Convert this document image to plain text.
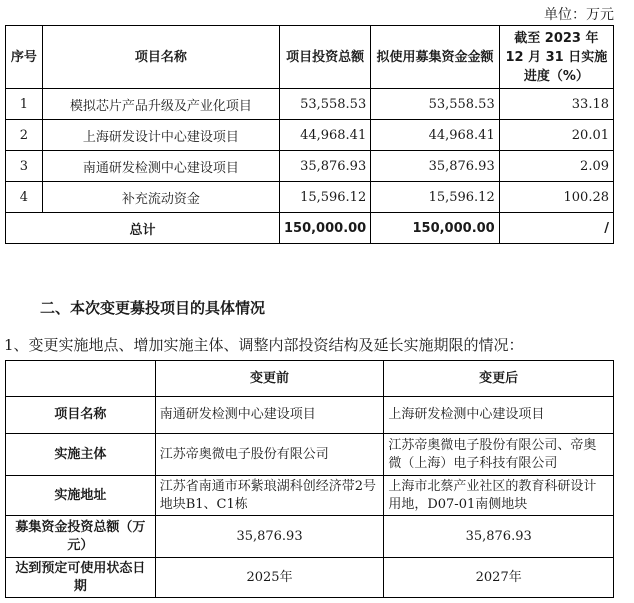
单位：万元
序号	项目名称	项目投资总额	拟使用募集资金金额	截至 2023 年 12 月 31 日实施进度（%）
1	模拟芯片产品升级及产业化项目	53,558.53	53,558.53	33.18
2	上海研发设计中心建设项目	44,968.41	44,968.41	20.01
3	南通研发检测中心建设项目	35,876.93	35,876.93	2.09
4	补充流动资金	15,596.12	15,596.12	100.28
总计		150,000.00	150,000.00	/
二、本次变更募投项目的具体情况
1、变更实施地点、增加实施主体、调整内部投资结构及延长实施期限的情况：
	变更前	变更后
项目名称	南通研发检测中心建设项目	上海研发检测中心建设项目
实施主体	江苏帝奥微电子股份有限公司	江苏帝奥微电子股份有限公司、帝奥微（上海）电子科技有限公司
实施地址	江苏省南通市环紫琅湖科创经济带2号地块B1、C1栋	上海市北蔡产业社区的教育科研设计用地，D07-01南侧地块
募集资金投资总额（万元）	35,876.93	35,876.93
达到预定可使用状态日期	2025年	2027年
